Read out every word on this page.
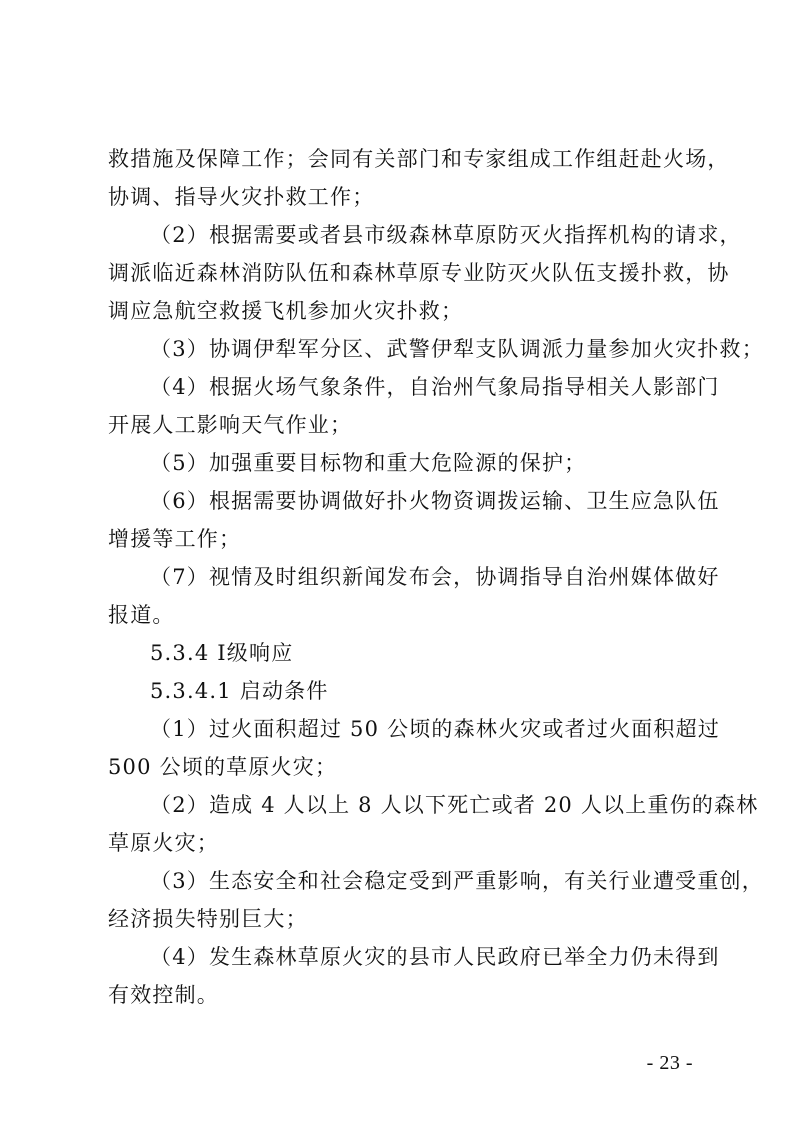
救措施及保障工作；会同有关部门和专家组成工作组赶赴火场，
协调、指导火灾扑救工作；
（2）根据需要或者县市级森林草原防灭火指挥机构的请求，
调派临近森林消防队伍和森林草原专业防灭火队伍支援扑救，协
调应急航空救援飞机参加火灾扑救；
（3）协调伊犁军分区、武警伊犁支队调派力量参加火灾扑救；
（4）根据火场气象条件，自治州气象局指导相关人影部门
开展人工影响天气作业；
（5）加强重要目标物和重大危险源的保护；
（6）根据需要协调做好扑火物资调拨运输、卫生应急队伍
增援等工作；
（7）视情及时组织新闻发布会，协调指导自治州媒体做好
报道。
5.3.4 Ⅰ级响应
5.3.4.1 启动条件
（1）过火面积超过 50 公顷的森林火灾或者过火面积超过
500 公顷的草原火灾；
（2）造成 4 人以上 8 人以下死亡或者 20 人以上重伤的森林
草原火灾；
（3）生态安全和社会稳定受到严重影响，有关行业遭受重创，
经济损失特别巨大；
（4）发生森林草原火灾的县市人民政府已举全力仍未得到
有效控制。
- 23 -
